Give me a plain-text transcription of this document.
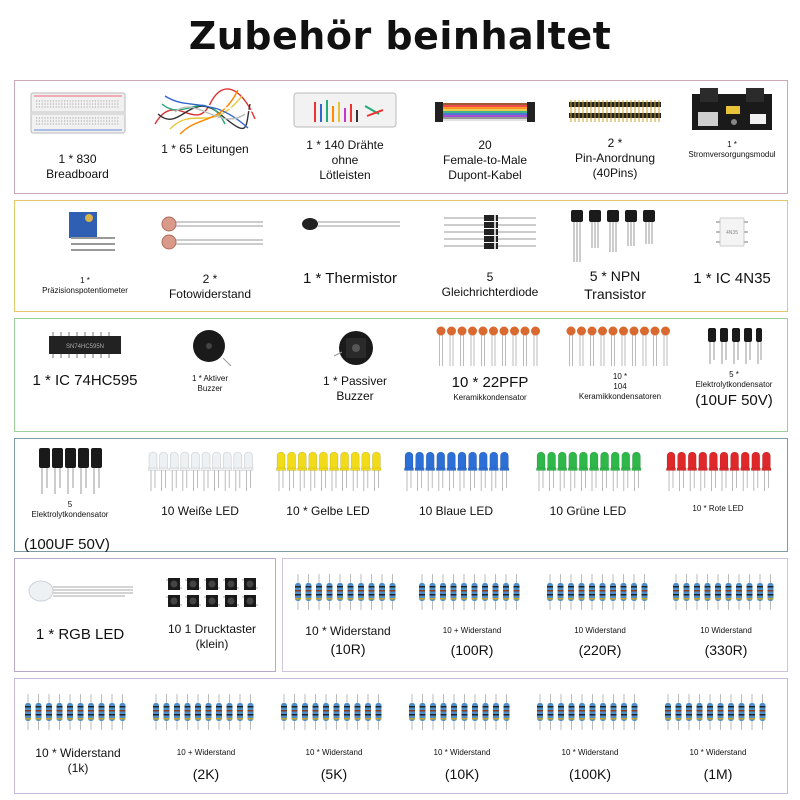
Zubehör beinhaltet
1 * 830
Breadboard
1 * 65 Leitungen	1 * 140 Drähte
ohne
Lötleisten
20
Female-to-Male
Dupont-Kabel
2 *
Pin-Anordnung
(40Pins)
1 *
Stromversorgungsmodul
1 *
Präzisionspotentiometer
2 *
Fotowiderstand
1 * Thermistor	5
Gleichrichterdiode
5 * NPN
Transistor
4N35
1 * IC 4N35
SN74HC595N
1 * IC 74HC595	1 * Aktiver
Buzzer
1 * Passiver
Buzzer
10 * 22PFP
Keramikkondensator
10 *
104
Keramikkondensatoren
5 *
Elektrolytkondensator
(10UF 50V)
5
Elektrolytkondensator
(100UF 50V)
10 Weiße LED	10 * Gelbe LED	10 Blaue LED	10 Grüne LED	10 * Rote LED
1 * RGB LED	10 1 Drucktaster
(klein)
10 * Widerstand
(10R)
10 + Widerstand
(100R)
10 Widerstand
(220R)
10 Widerstand
(330R)
10 * Widerstand
(1k)
10 + Widerstand
(2K)
10 * Widerstand
(5K)
10 * Widerstand
(10K)
10 * Widerstand
(100K)
10 * Widerstand
(1M)
